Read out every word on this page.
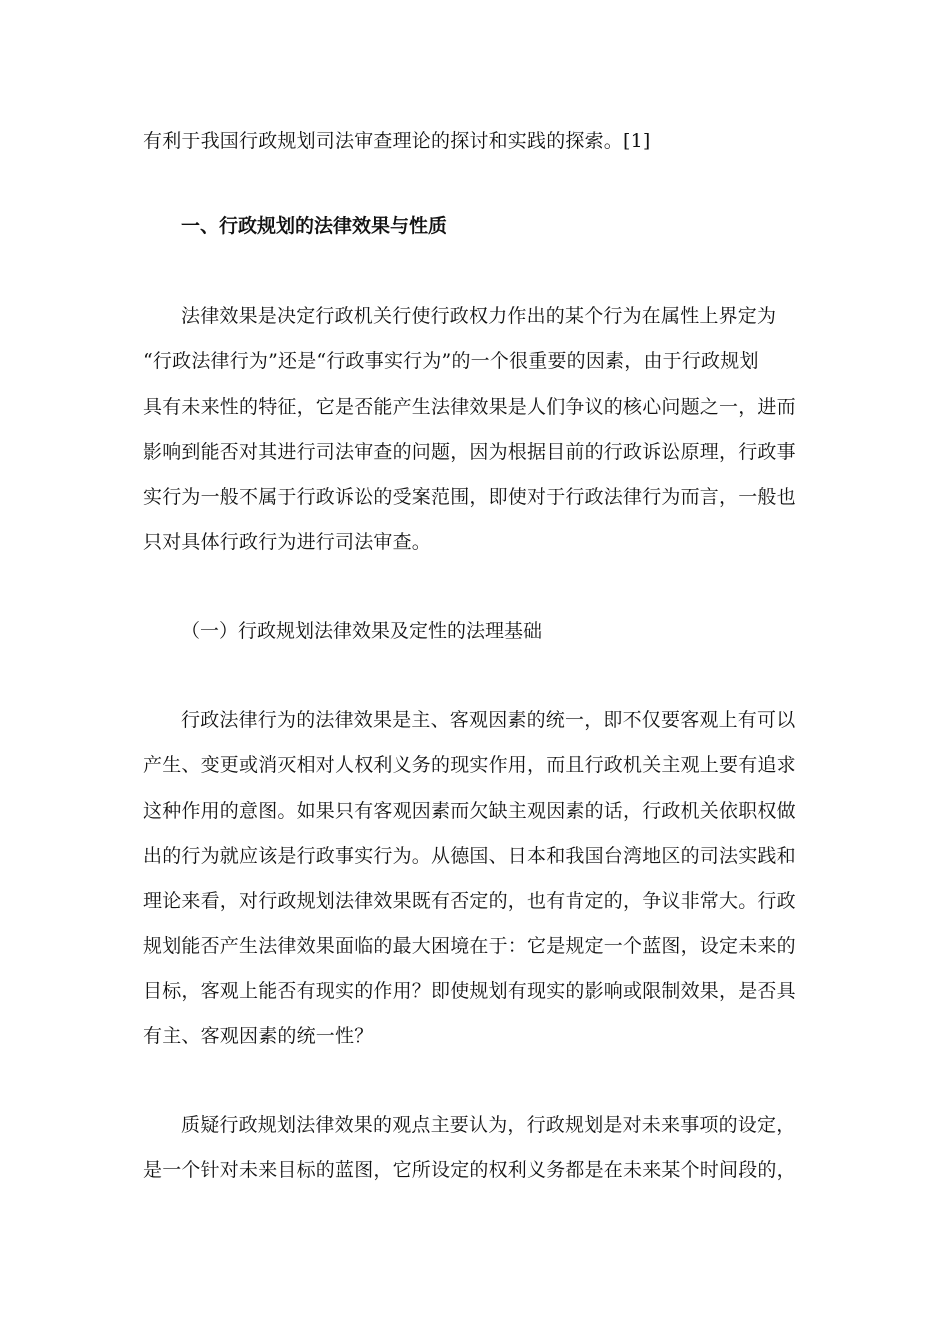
有利于我国行政规划司法审查理论的探讨和实践的探索。[1]
一、行政规划的法律效果与性质
法律效果是决定行政机关行使行政权力作出的某个行为在属性上界定为
“行政法律行为”还是“行政事实行为”的一个很重要的因素，由于行政规划
具有未来性的特征，它是否能产生法律效果是人们争议的核心问题之一，进而
影响到能否对其进行司法审查的问题，因为根据目前的行政诉讼原理，行政事
实行为一般不属于行政诉讼的受案范围，即使对于行政法律行为而言，一般也
只对具体行政行为进行司法审查。
（一）行政规划法律效果及定性的法理基础
行政法律行为的法律效果是主、客观因素的统一，即不仅要客观上有可以
产生、变更或消灭相对人权利义务的现实作用，而且行政机关主观上要有追求
这种作用的意图。如果只有客观因素而欠缺主观因素的话，行政机关依职权做
出的行为就应该是行政事实行为。从德国、日本和我国台湾地区的司法实践和
理论来看，对行政规划法律效果既有否定的，也有肯定的，争议非常大。行政
规划能否产生法律效果面临的最大困境在于：它是规定一个蓝图，设定未来的
目标，客观上能否有现实的作用？即使规划有现实的影响或限制效果，是否具
有主、客观因素的统一性？
质疑行政规划法律效果的观点主要认为，行政规划是对未来事项的设定，
是一个针对未来目标的蓝图，它所设定的权利义务都是在未来某个时间段的，
